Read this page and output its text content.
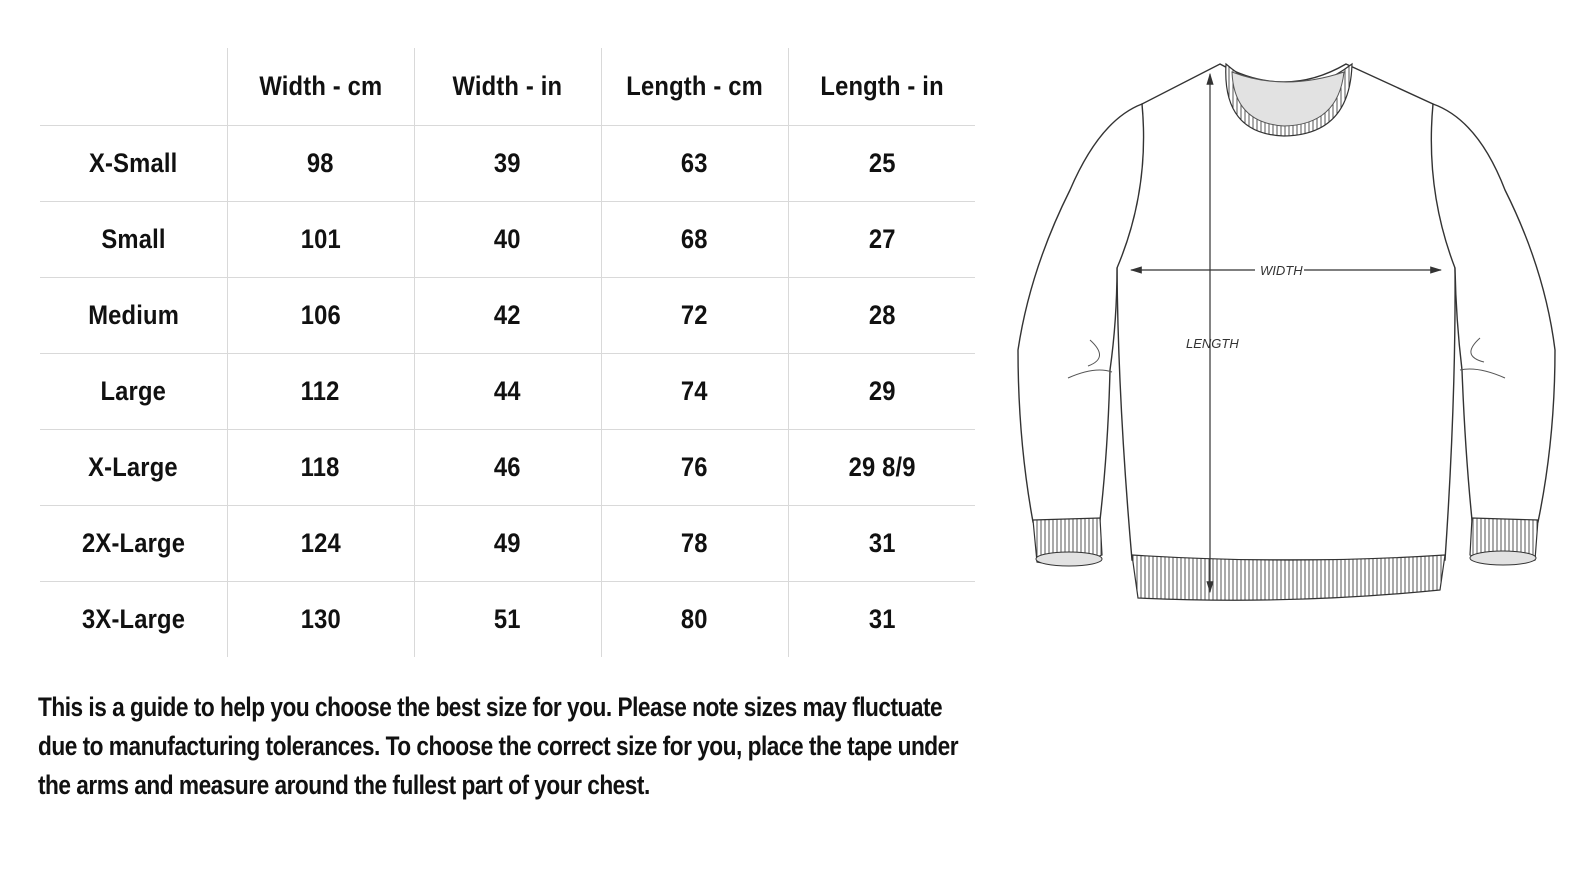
	Width - cm	Width - in	Length - cm	Length - in
X-Small	98	39	63	25
Small	101	40	68	27
Medium	106	42	72	28
Large	112	44	74	29
X-Large	118	46	76	29 8/9
2X-Large	124	49	78	31
3X-Large	130	51	80	31
This is a guide to help you choose the best size for you. Please note sizes may fluctuate
due to manufacturing tolerances. To choose the correct size for you, place the tape under
the arms and measure around the fullest part of your chest.
WIDTH
LENGTH
